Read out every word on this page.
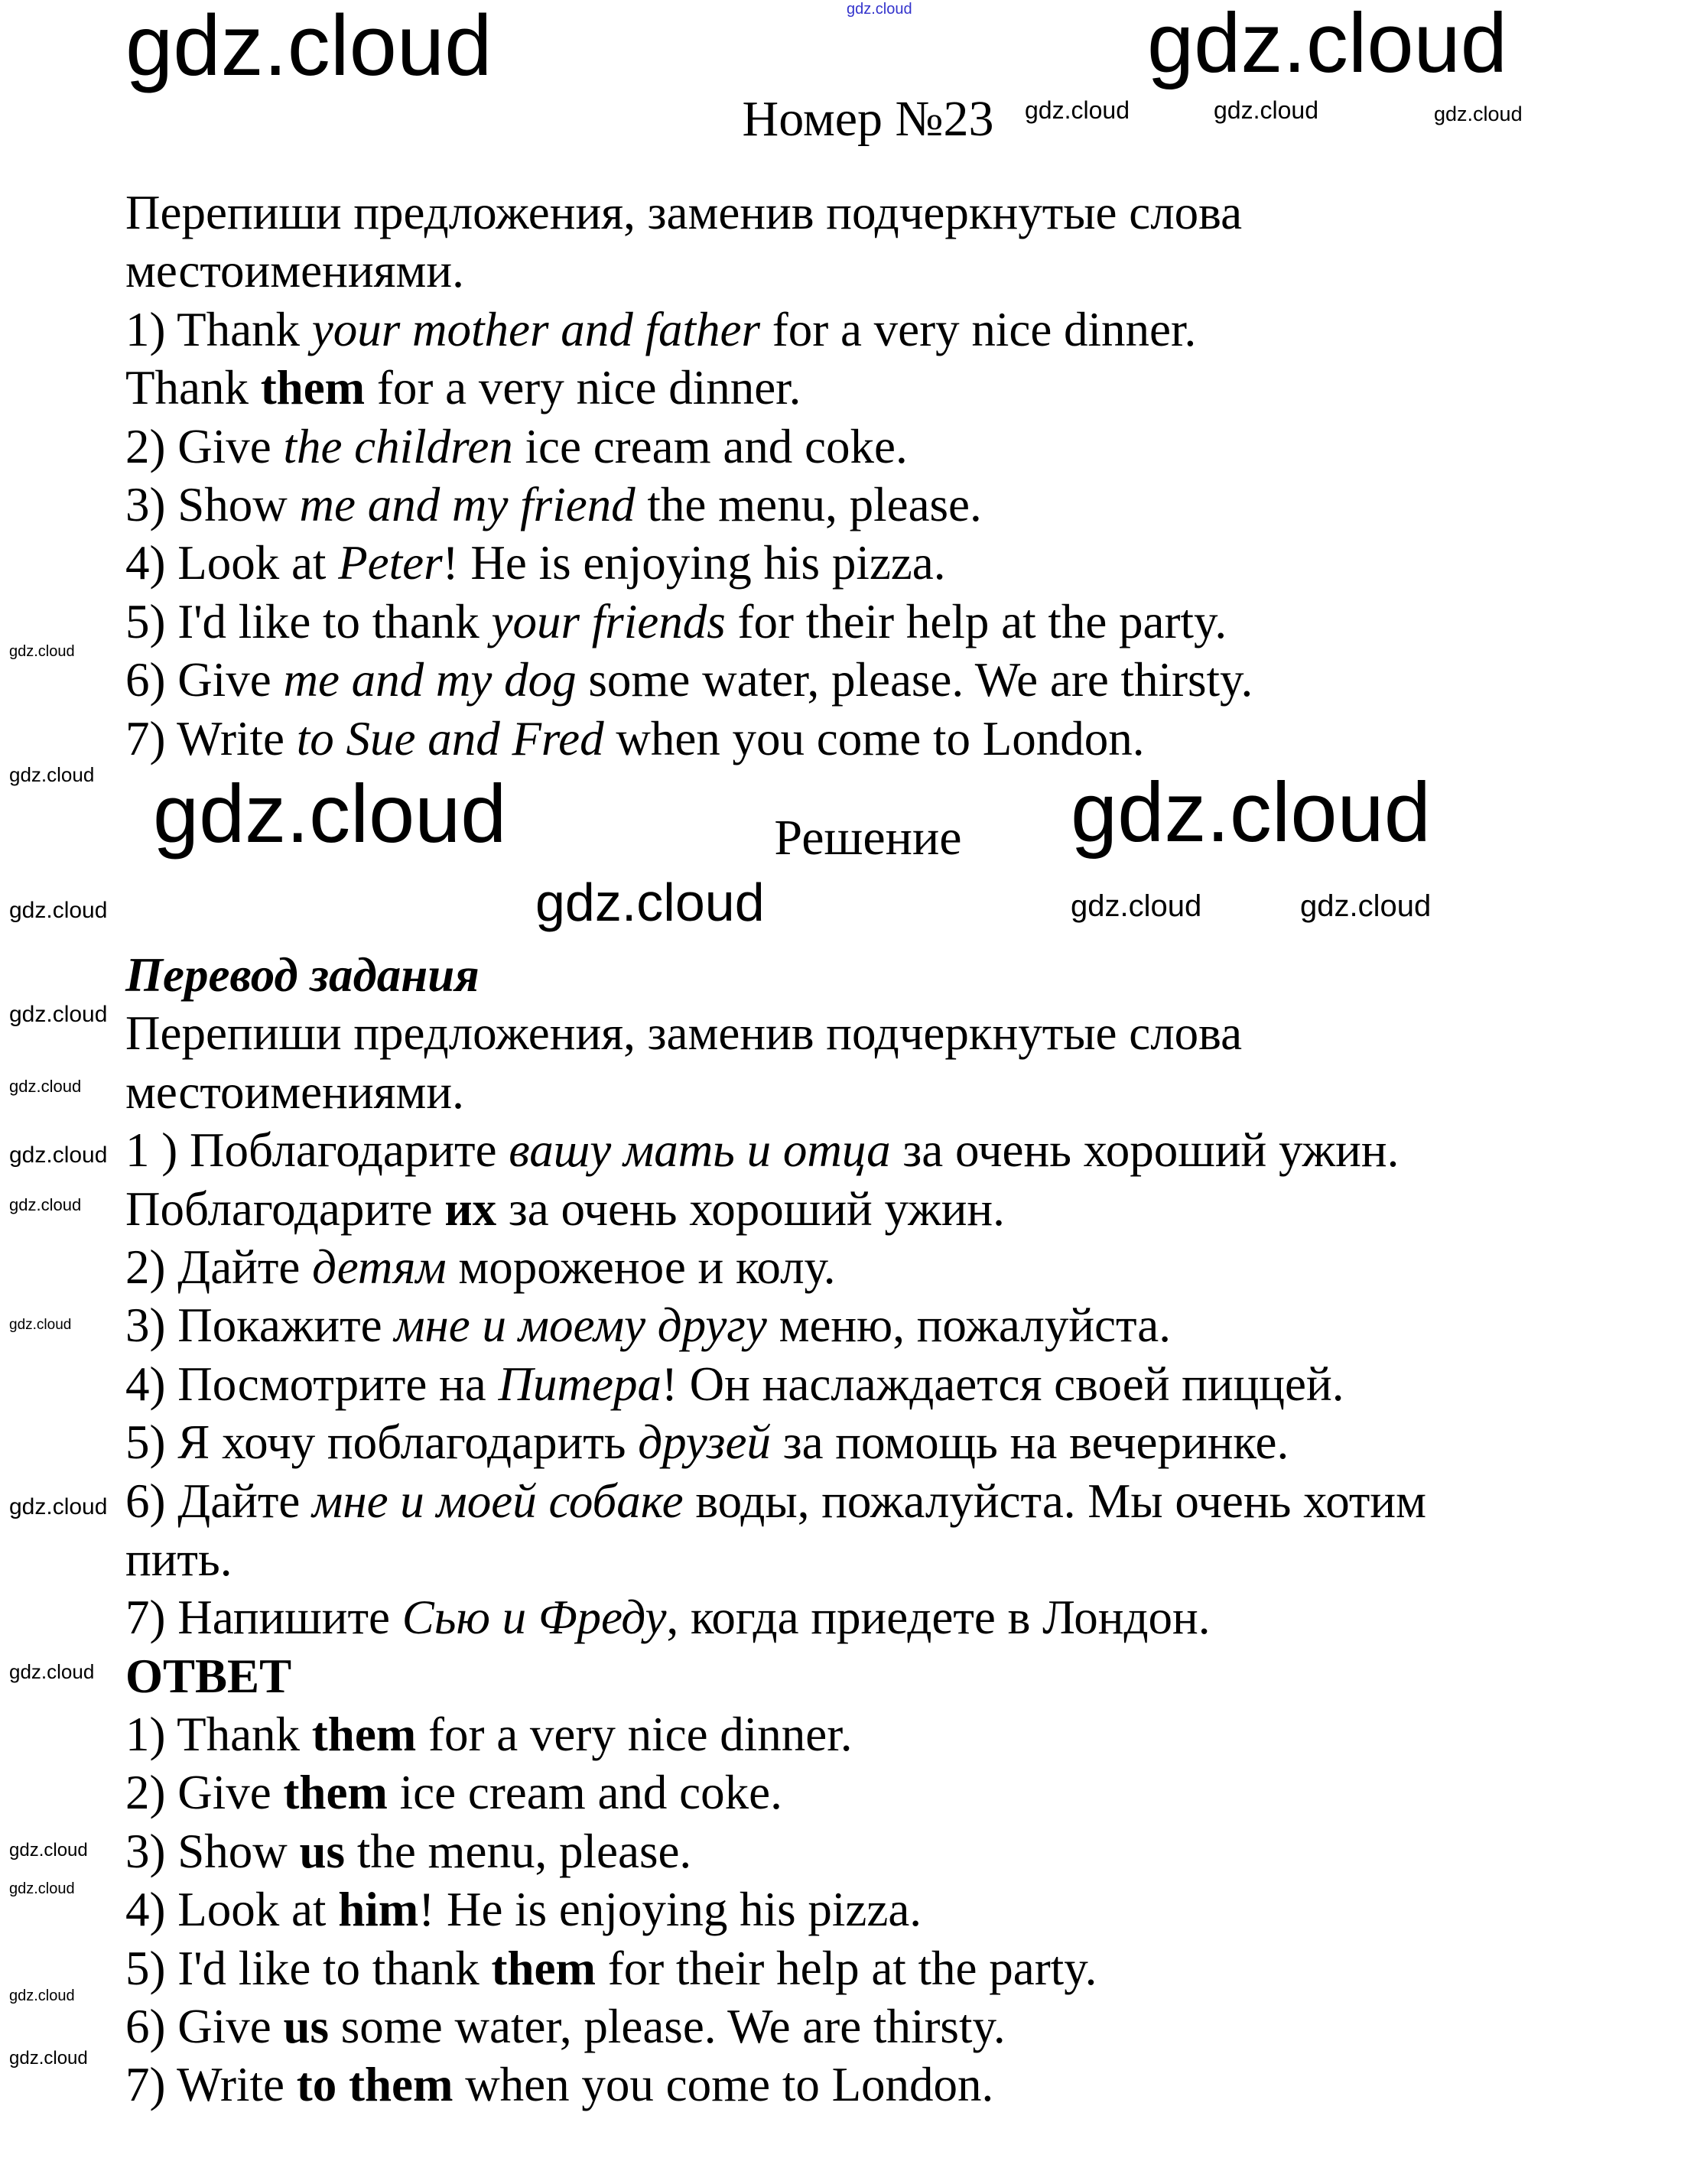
Номер №23
Перепиши предложения, заменив подчеркнутые слова
местоимениями.
1) Thank your mother and father for a very nice dinner.
Thank them for a very nice dinner.
2) Give the children ice cream and coke.
3) Show me and my friend the menu, please.
4) Look at Peter! He is enjoying his pizza.
5) I'd like to thank your friends for their help at the party.
6) Give me and my dog some water, please. We are thirsty.
7) Write to Sue and Fred when you come to London.
Решение
Перевод задания
Перепиши предложения, заменив подчеркнутые слова
местоимениями.
1 ) Поблагодарите вашу мать и отца за очень хороший ужин.
Поблагодарите их за очень хороший ужин.
2) Дайте детям мороженое и колу.
3) Покажите мне и моему другу меню, пожалуйста.
4) Посмотрите на Питера! Он наслаждается своей пиццей.
5) Я хочу поблагодарить друзей за помощь на вечеринке.
6) Дайте мне и моей собаке воды, пожалуйста. Мы очень хотим
пить.
7) Напишите Сью и Фреду, когда приедете в Лондон.
ОТВЕТ
1) Thank them for a very nice dinner.
2) Give them ice cream and coke.
3) Show us the menu, please.
4) Look at him! He is enjoying his pizza.
5) I'd like to thank them for their help at the party.
6) Give us some water, please. We are thirsty.
7) Write to them when you come to London.
gdz.cloud
gdz.cloud
gdz.cloud	gdz.cloud	gdz.cloud
gdz.cloud
gdz.cloud
gdz.cloud
gdz.cloud
gdz.cloud
gdz.cloud
gdz.cloud
gdz.cloud
gdz.cloud
gdz.cloud
gdz.cloud
gdz.cloud
gdz.cloud
gdz.cloud
gdz.cloud
gdz.cloud
gdz.cloud
gdz.cloud
gdz.cloud
gdz.cloud
